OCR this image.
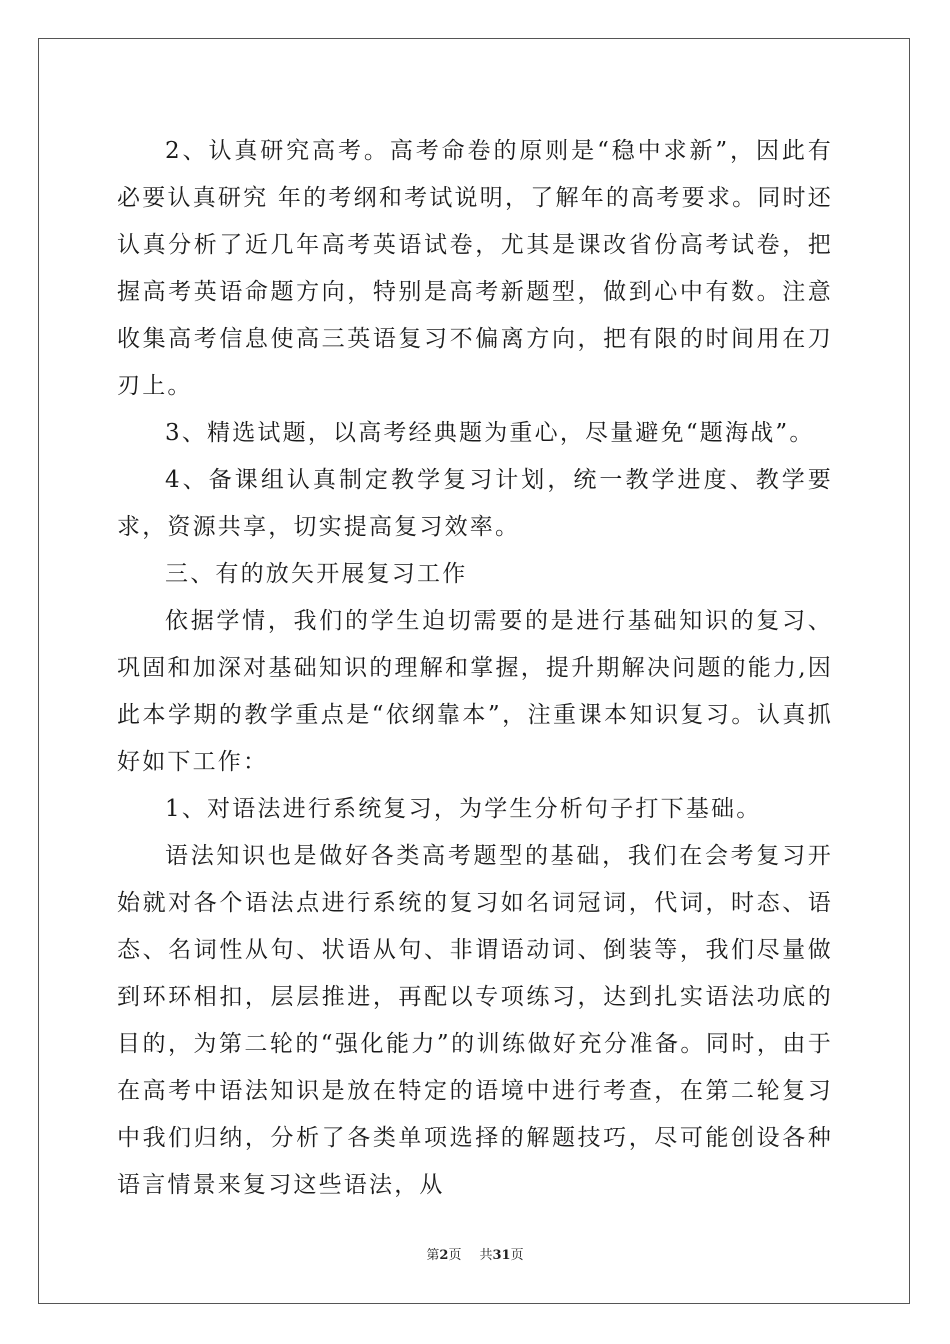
2、认真研究高考。高考命卷的原则是“稳中求新”，因此有必要认真研究 年的考纲和考试说明，了解年的高考要求。同时还认真分析了近几年高考英语试卷，尤其是课改省份高考试卷，把握高考英语命题方向，特别是高考新题型，做到心中有数。注意收集高考信息使高三英语复习不偏离方向，把有限的时间用在刀刃上。

3、精选试题，以高考经典题为重心，尽量避免“题海战”。

4、备课组认真制定教学复习计划，统一教学进度、教学要求，资源共享，切实提高复习效率。

三、有的放矢开展复习工作

依据学情，我们的学生迫切需要的是进行基础知识的复习、巩固和加深对基础知识的理解和掌握，提升期解决问题的能力,因此本学期的教学重点是“依纲靠本”，注重课本知识复习。认真抓好如下工作：

1、对语法进行系统复习，为学生分析句子打下基础。

语法知识也是做好各类高考题型的基础，我们在会考复习开始就对各个语法点进行系统的复习如名词冠词，代词，时态、语态、名词性从句、状语从句、非谓语动词、倒装等，我们尽量做到环环相扣，层层推进，再配以专项练习，达到扎实语法功底的目的，为第二轮的“强化能力”的训练做好充分准备。同时，由于在高考中语法知识是放在特定的语境中进行考查，在第二轮复习中我们归纳，分析了各类单项选择的解题技巧，尽可能创设各种语言情景来复习这些语法，从

第2页 共31页
